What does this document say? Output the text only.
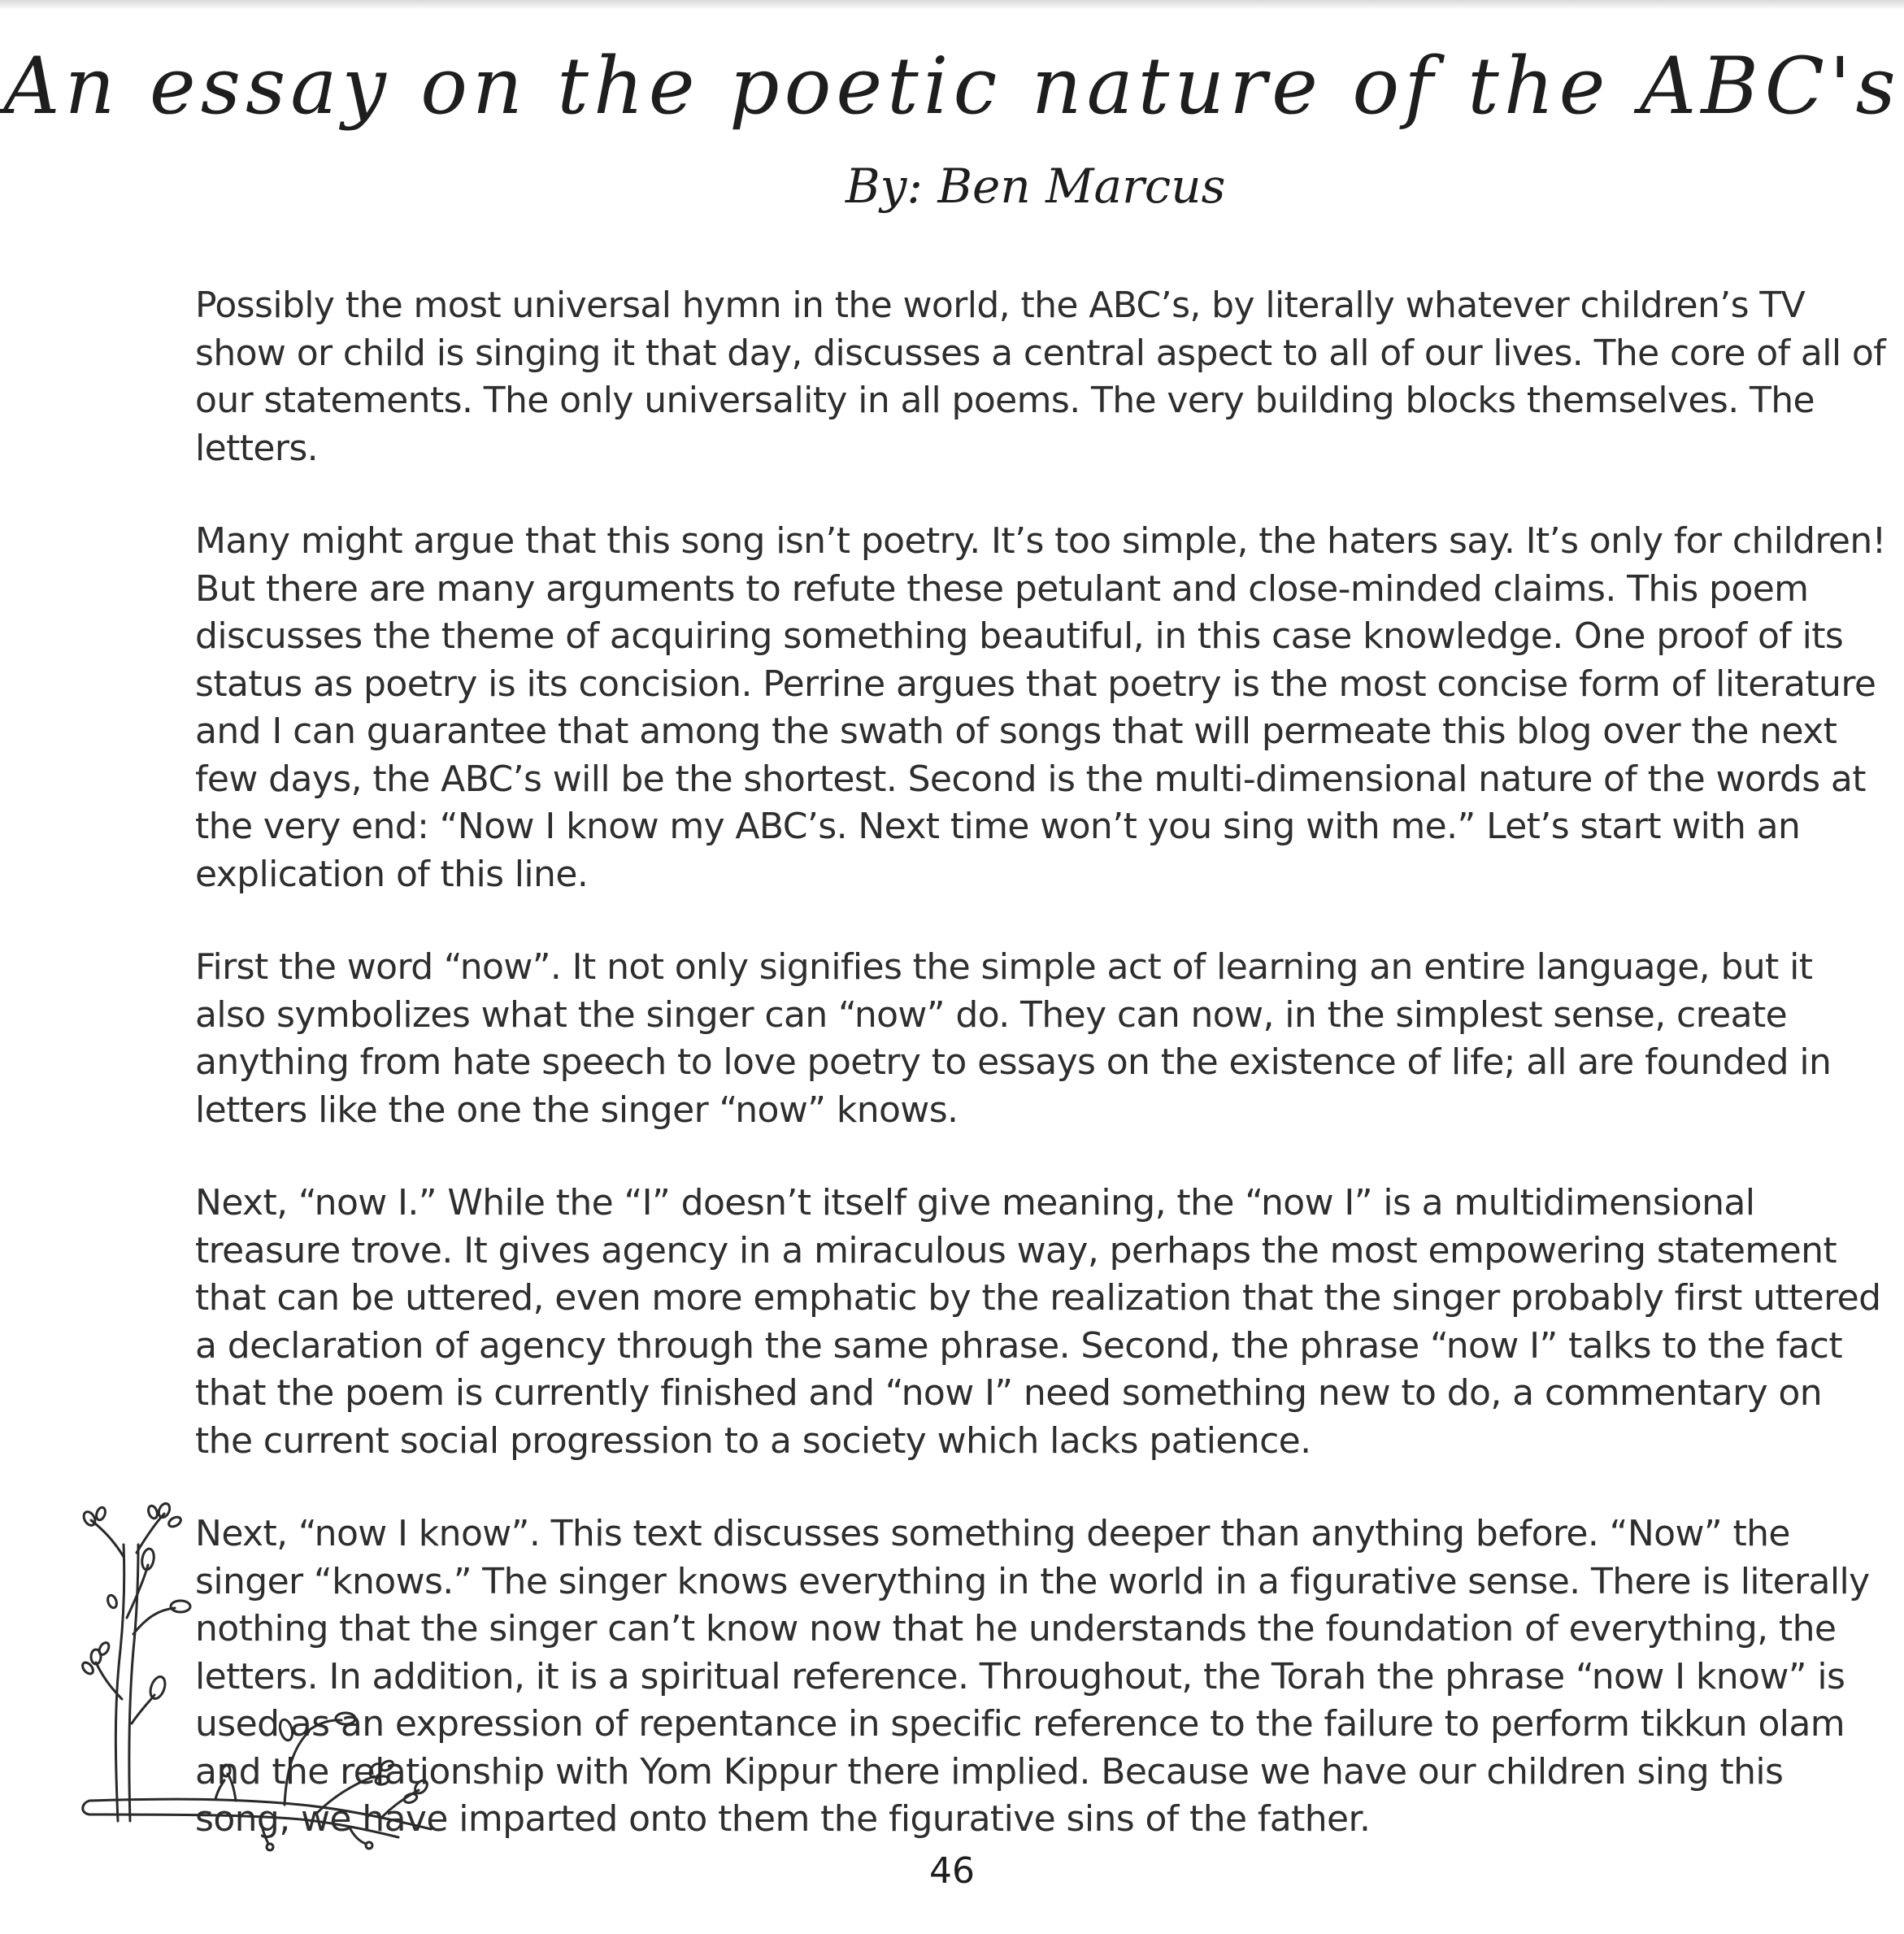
An essay on the poetic nature of the ABC's
By: Ben Marcus

Possibly the most universal hymn in the world, the ABC’s, by literally whatever children’s TV show or child is singing it that day, discusses a central aspect to all of our lives. The core of all of our statements. The only universality in all poems. The very building blocks themselves. The letters.

Many might argue that this song isn’t poetry. It’s too simple, the haters say. It’s only for children! But there are many arguments to refute these petulant and close-minded claims. This poem discusses the theme of acquiring something beautiful, in this case knowledge. One proof of its status as poetry is its concision. Perrine argues that poetry is the most concise form of literature and I can guarantee that among the swath of songs that will permeate this blog over the next few days, the ABC’s will be the shortest. Second is the multi-dimensional nature of the words at the very end: “Now I know my ABC’s. Next time won’t you sing with me.” Let’s start with an explication of this line.

First the word “now”. It not only signifies the simple act of learning an entire language, but it also symbolizes what the singer can “now” do. They can now, in the simplest sense, create anything from hate speech to love poetry to essays on the existence of life; all are founded in letters like the one the singer “now” knows.

Next, “now I.” While the “I” doesn’t itself give meaning, the “now I” is a multidimensional treasure trove. It gives agency in a miraculous way, perhaps the most empowering statement that can be uttered, even more emphatic by the realization that the singer probably first uttered a declaration of agency through the same phrase. Second, the phrase “now I” talks to the fact that the poem is currently finished and “now I” need something new to do, a commentary on the current social progression to a society which lacks patience.

Next, “now I know”. This text discusses something deeper than anything before. “Now” the singer “knows.” The singer knows everything in the world in a figurative sense. There is literally nothing that the singer can’t know now that he understands the foundation of everything, the letters. In addition, it is a spiritual reference. Throughout, the Torah the phrase “now I know” is used as an expression of repentance in specific reference to the failure to perform tikkun olam and the relationship with Yom Kippur there implied. Because we have our children sing this song, we have imparted onto them the figurative sins of the father.

46
